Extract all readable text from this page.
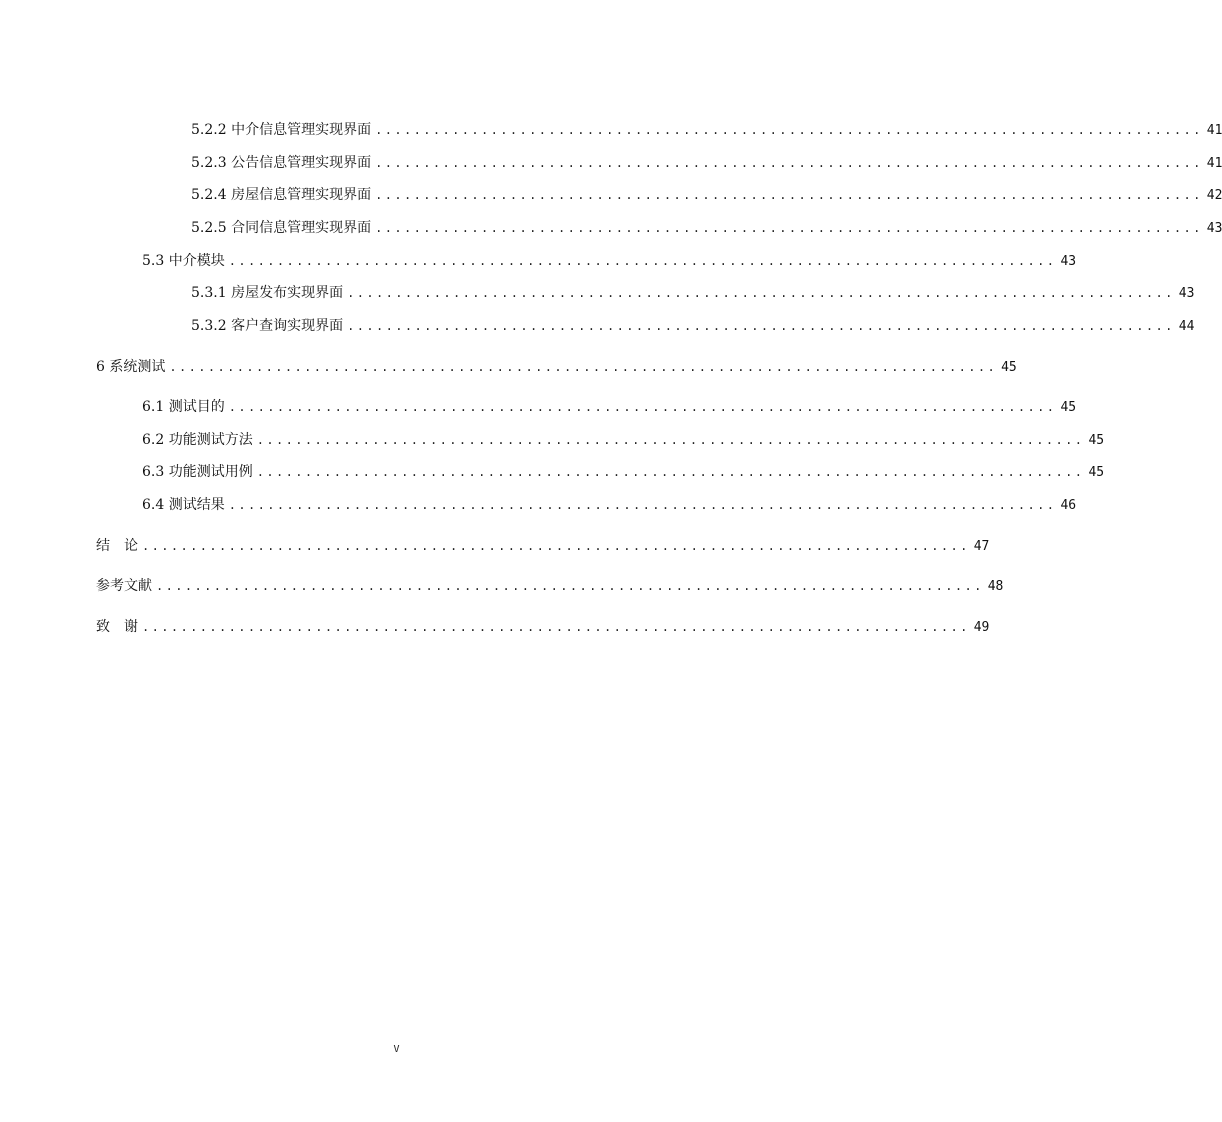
5.2.2 中介信息管理实现界面 ...................................................................................... 41
5.2.3 公告信息管理实现界面 ...................................................................................... 41
5.2.4 房屋信息管理实现界面 ...................................................................................... 42
5.2.5 合同信息管理实现界面 ...................................................................................... 43
5.3 中介模块 ...................................................................................... 43
5.3.1 房屋发布实现界面 ...................................................................................... 43
5.3.2 客户查询实现界面 ...................................................................................... 44
6 系统测试 ...................................................................................... 45
6.1 测试目的 ...................................................................................... 45
6.2 功能测试方法 ...................................................................................... 45
6.3 功能测试用例 ...................................................................................... 45
6.4 测试结果 ...................................................................................... 46
结　论 ...................................................................................... 47
参考文献 ...................................................................................... 48
致　谢 ...................................................................................... 49
V
